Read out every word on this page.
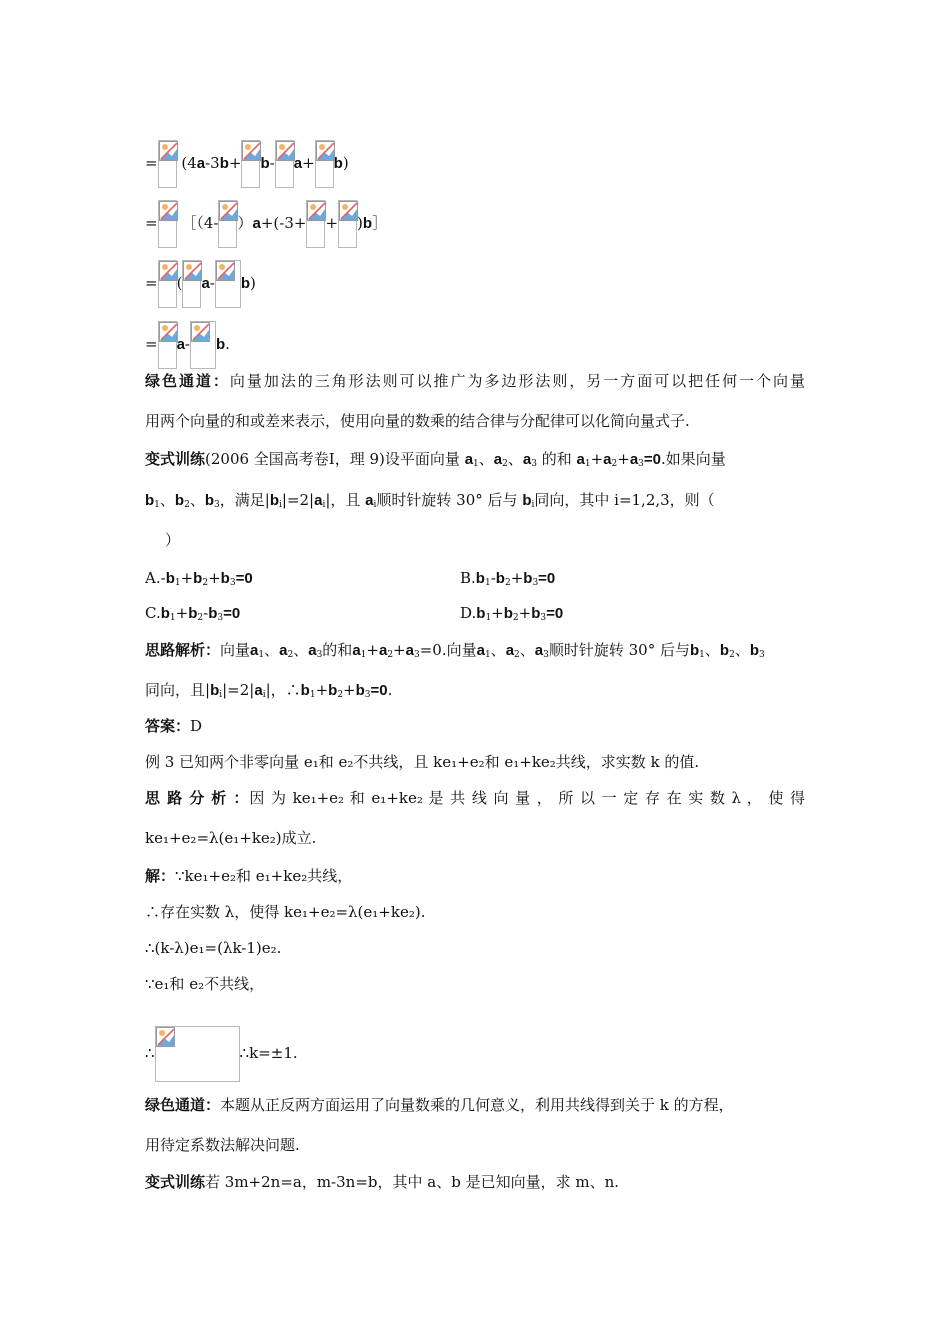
= (4a-3b+ b- a+ b)
= ［（4- ）a+(-3+ + )b］
= ( a- b)
= a- b.
绿色通道：向量加法的三角形法则可以推广为多边形法则，另一方面可以把任何一个向量
用两个向量的和或差来表示，使用向量的数乘的结合律与分配律可以化简向量式子.
变式训练(2006 全国高考卷Ⅰ，理 9)设平面向量 $a_1$、$a_2$、$a_3$ 的和 $a_1+a_2+a_3=0$.如果向量
$b_1$、$b_2$、$b_3$，满足$|b_i|=2|a_i|$，且 $a_i$顺时针旋转 30° 后与 $b_i$同向，其中 i=1,2,3，则（
　）
$A.-b_1+b_2+b_3=0$	$B.b_1-b_2+b_3=0$
$C.b_1+b_2-b_3=0$	$D.b_1+b_2+b_3=0$
思路解析：向量$a_1$、$a_2$、$a_3$的和$a_1+a_2+a_3=0$.向量$a_1$、$a_2$、$a_3$顺时针旋转 30° 后与$b_1$、$b_2$、$b_3$
同向，且$|b_i|=2|a_i|$，$\therefore b_1+b_2+b_3=0$.
答案：D
例 3 已知两个非零向量 e₁和 e₂不共线，且 ke₁+e₂和 e₁+ke₂共线，求实数 k 的值.
思 路 分 析 ：因 为 ke₁+e₂ 和 e₁+ke₂ 是 共 线 向 量 ， 所 以 一 定 存 在 实 数 λ ， 使 得
ke₁+e₂=λ(e₁+ke₂)成立.
解：∵ke₁+e₂和 e₁+ke₂共线，
∴存在实数 λ，使得 ke₁+e₂=λ(e₁+ke₂).
∴(k-λ)e₁=(λk-1)e₂.
∵e₁和 e₂不共线，
∴	∴k=±1.
绿色通道：本题从正反两方面运用了向量数乘的几何意义，利用共线得到关于 k 的方程，
用待定系数法解决问题.
变式训练若 3m+2n=a，m-3n=b，其中 a、b 是已知向量，求 m、n.
